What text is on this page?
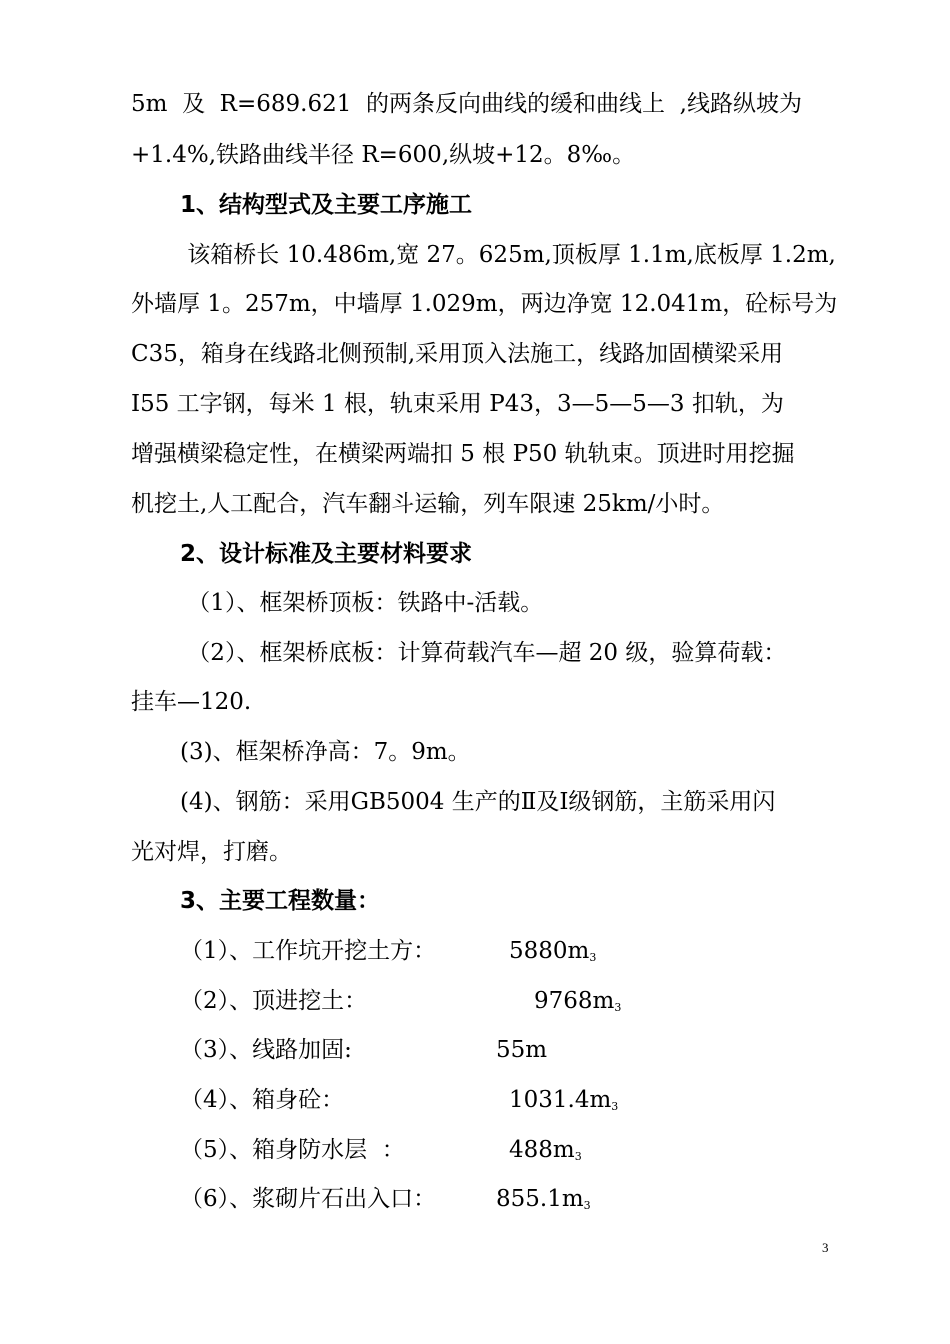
5m  及  R=689.621  的两条反向曲线的缓和曲线上  ,线路纵坡为
+1.4%,铁路曲线半径 R=600,纵坡+12。8‰。
1、结构型式及主要工序施工
该箱桥长 10.486m,宽 27。625m,顶板厚 1.1m,底板厚 1.2m,
外墙厚 1。257m，中墙厚 1.029m，两边净宽 12.041m，砼标号为
C35，箱身在线路北侧预制,采用顶入法施工，线路加固横梁采用
Ⅰ55 工字钢，每米 1 根，轨束采用 P43，3—5—5—3 扣轨，为
增强横梁稳定性，在横梁两端扣 5 根 P50 轨轨束。顶进时用挖掘
机挖土,人工配合，汽车翻斗运输，列车限速 25km/小时。
2、设计标准及主要材料要求
（1）、框架桥顶板：铁路中-活载。
（2）、框架桥底板：计算荷载汽车—超 20 级，验算荷载：
挂车—120.
(3)、框架桥净高：7。9m。
(4)、钢筋：采用GB5004 生产的Ⅱ及Ⅰ级钢筋，主筋采用闪
光对焊，打磨。
3、主要工程数量：
（1）、工作坑开挖土方：	$5880m^3$
（2）、顶进挖土：	$9768m^3$
（3）、线路加固:	55m
（4）、箱身砼：	$1031.4m^3$
（5）、箱身防水层  ：	$488m^3$
（6）、浆砌片石出入口：	$855.1m^3$
3
